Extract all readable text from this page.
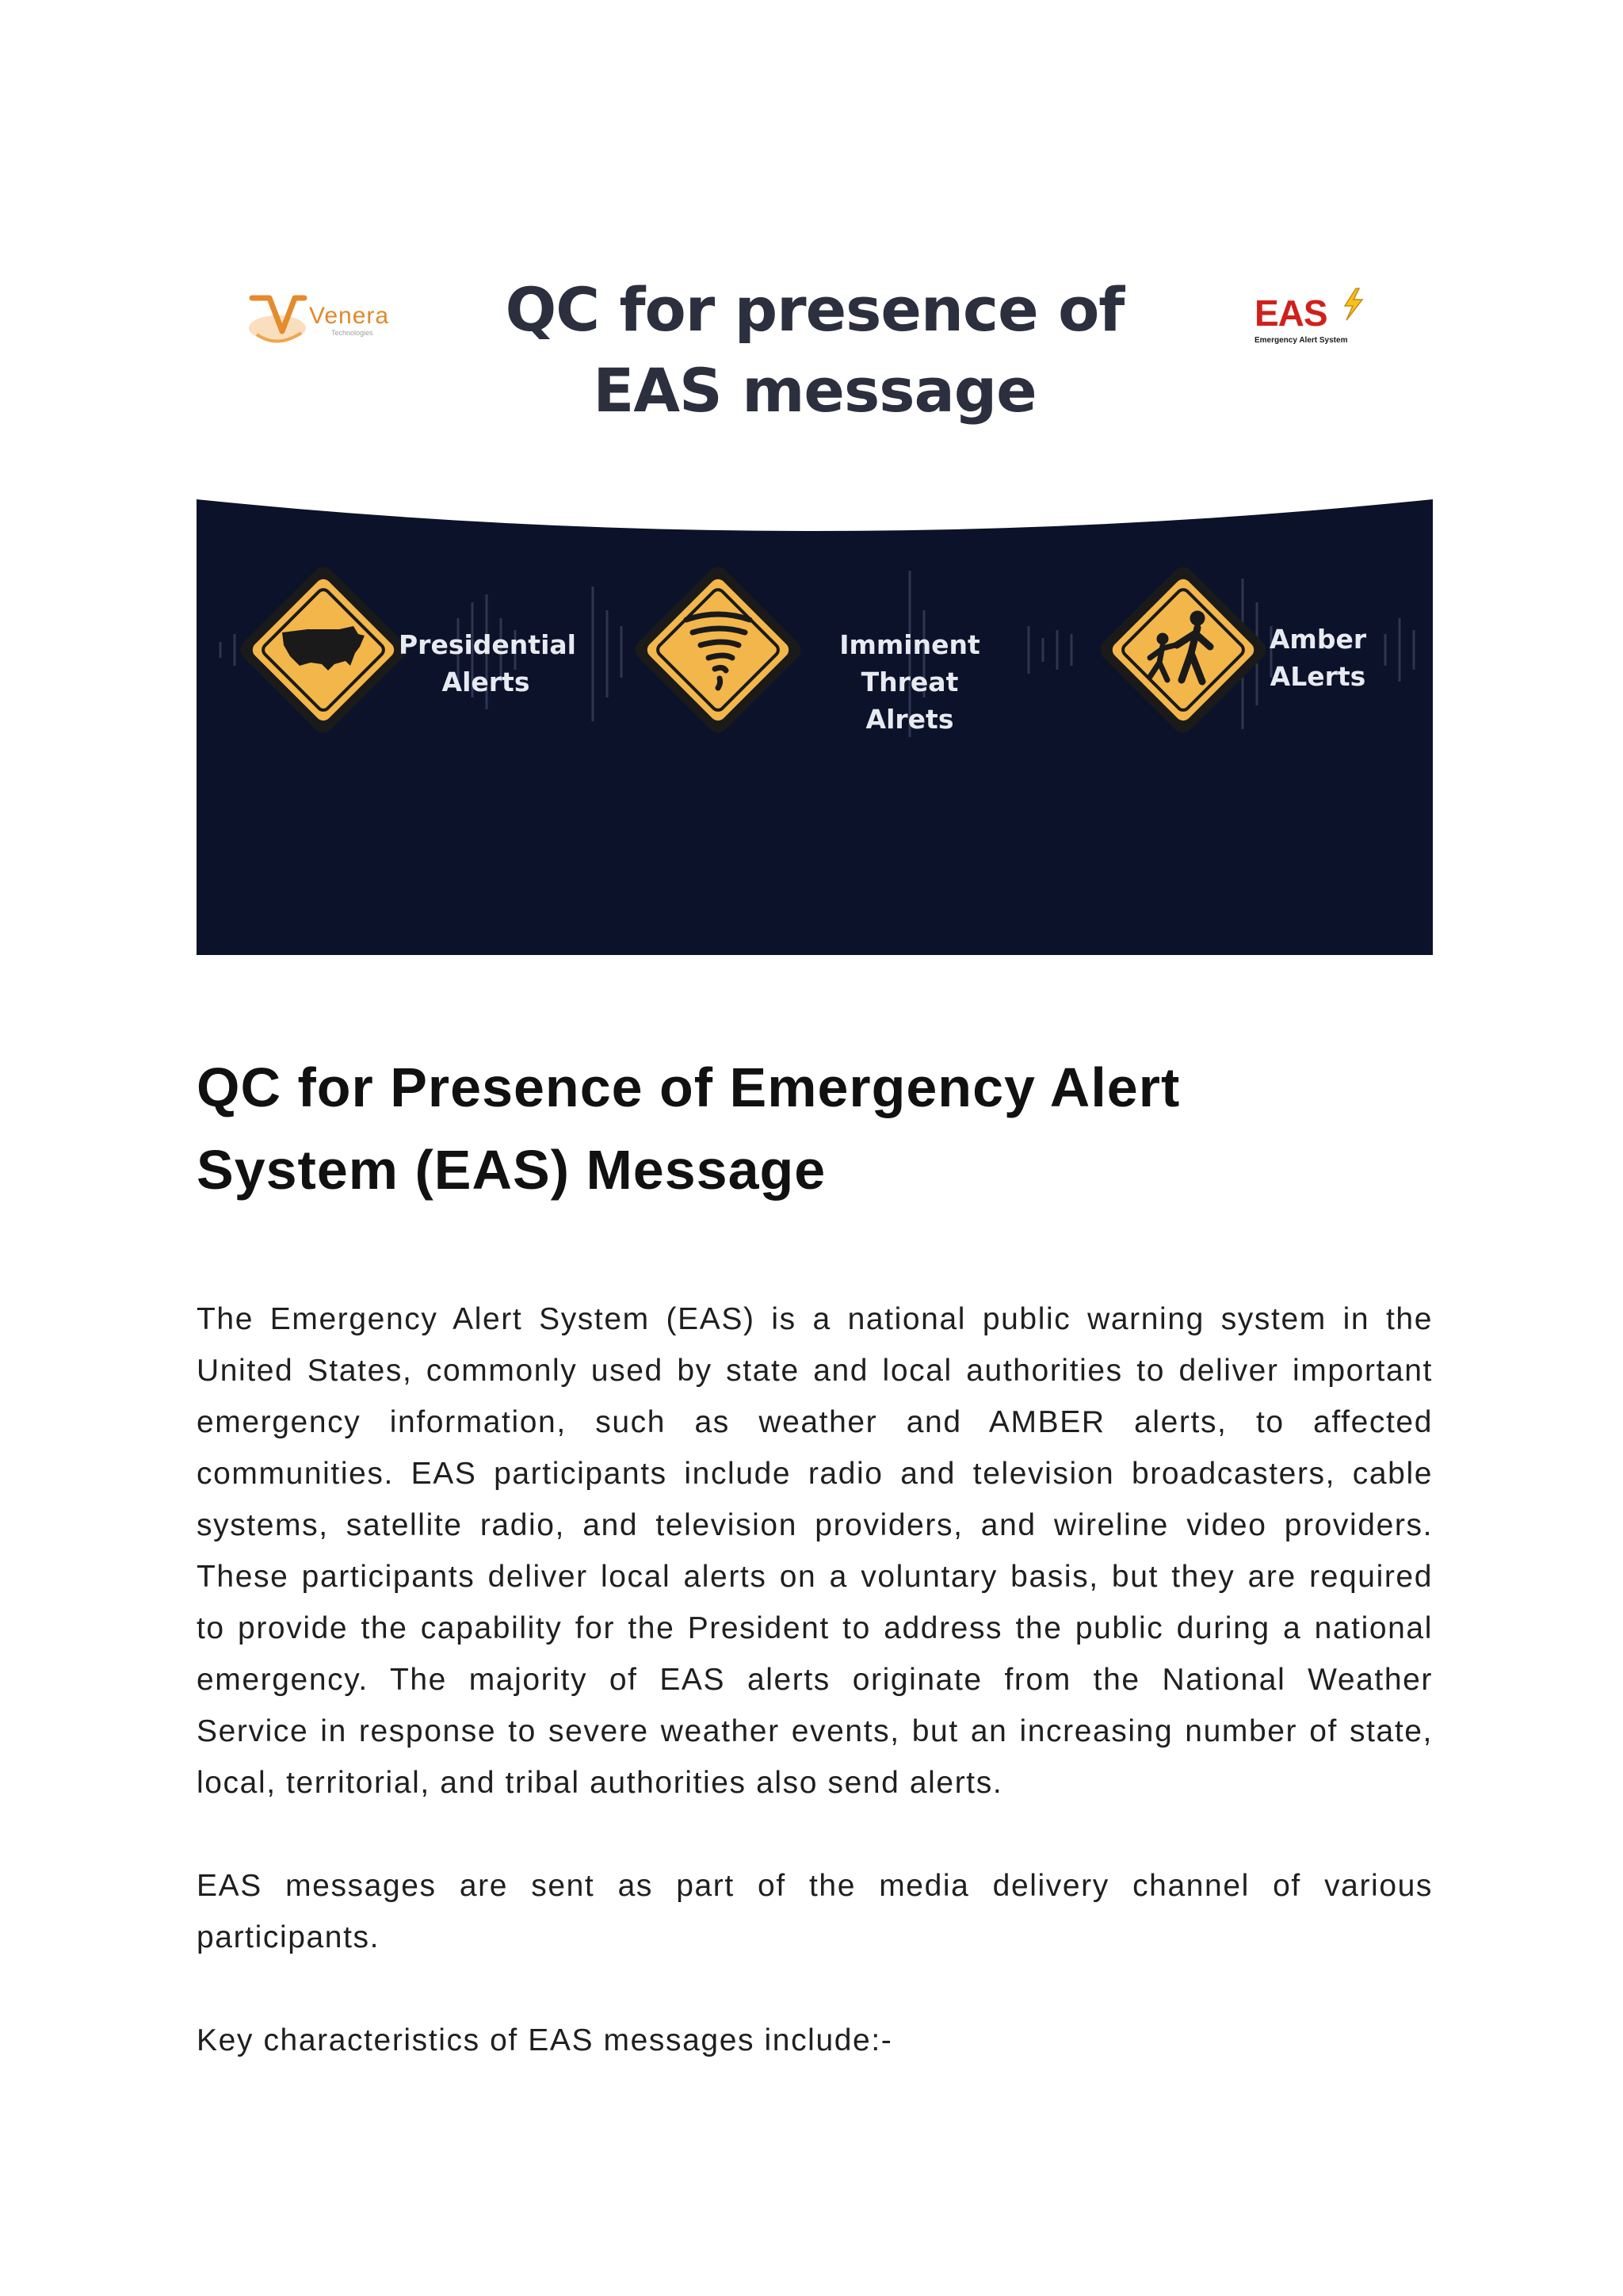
Venera
Technologies	QC for presence of
EAS message
EAS
Emergency Alert System
Presidential
Alerts
Imminent Threat
Alrets
Amber
ALerts
QC for Presence of Emergency Alert
System (EAS) Message

The Emergency Alert System (EAS) is a national public warning system in the United States, commonly used by state and local authorities to deliver important emergency information, such as weather and AMBER alerts, to affected communities. EAS participants include radio and television broadcasters, cable systems, satellite radio, and television providers, and wireline video providers. These participants deliver local alerts on a voluntary basis, but they are required to provide the capability for the President to address the public during a national emergency. The majority of EAS alerts originate from the National Weather Service in response to severe weather events, but an increasing number of state, local, territorial, and tribal authorities also send alerts.

EAS messages are sent as part of the media delivery channel of various participants.

Key characteristics of EAS messages include:-
